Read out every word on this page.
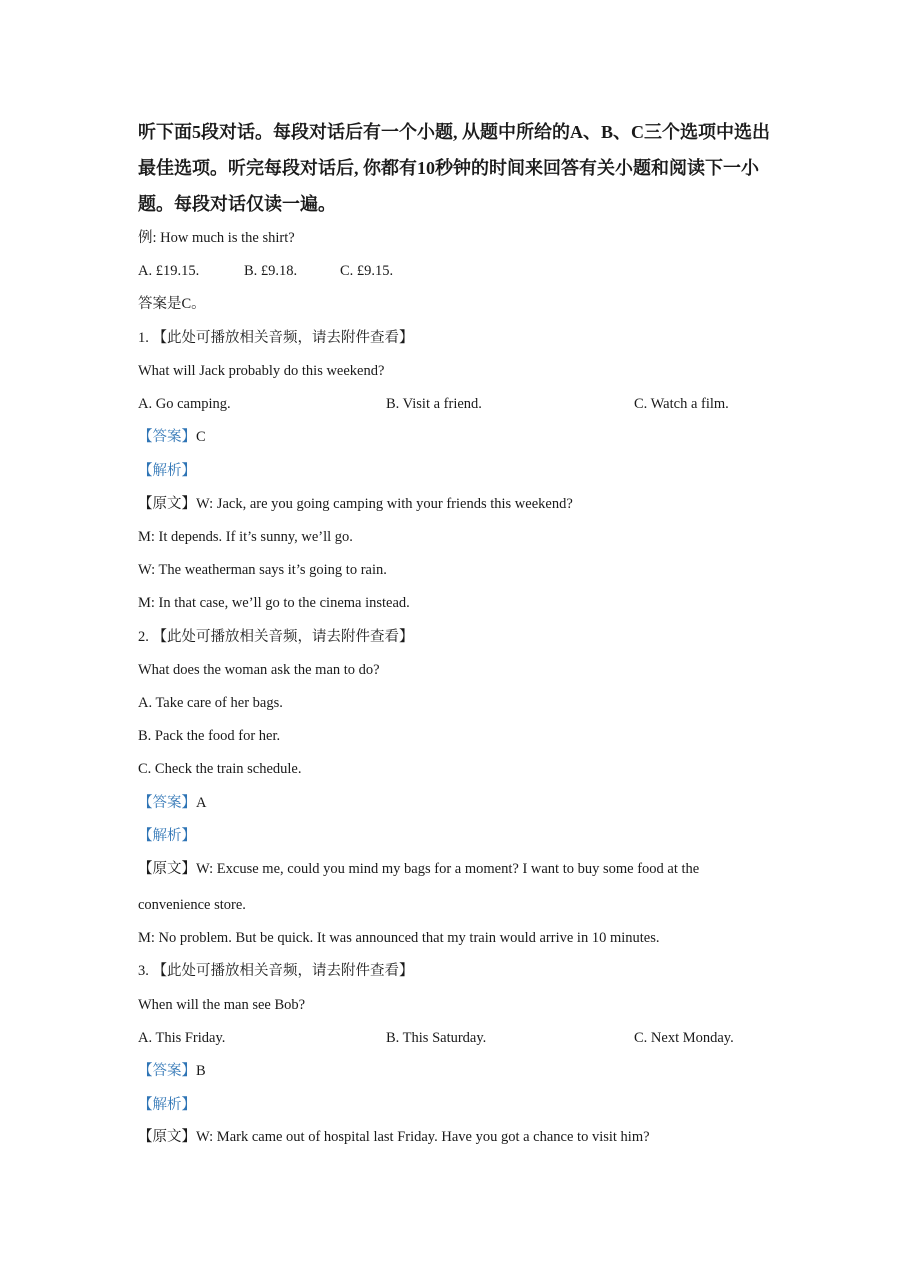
听下面5段对话。每段对话后有一个小题, 从题中所给的A、B、C三个选项中选出最佳选项。听完每段对话后, 你都有10秒钟的时间来回答有关小题和阅读下一小题。每段对话仅读一遍。
例: How much is the shirt?
A. £19.15.	B. £9.18.	C. £9.15.
答案是C。
1. 【此处可播放相关音频，请去附件查看】
What will Jack probably do this weekend?
A. Go camping.	B. Visit a friend.	C. Watch a film.
【答案】C
【解析】
【原文】W: Jack, are you going camping with your friends this weekend?
M: It depends. If it’s sunny, we’ll go.
W: The weatherman says it’s going to rain.
M: In that case, we’ll go to the cinema instead.
2. 【此处可播放相关音频，请去附件查看】
What does the woman ask the man to do?
A. Take care of her bags.
B. Pack the food for her.
C. Check the train schedule.
【答案】A
【解析】
【原文】W: Excuse me, could you mind my bags for a moment? I want to buy some food at the
convenience store.
M: No problem. But be quick. It was announced that my train would arrive in 10 minutes.
3. 【此处可播放相关音频，请去附件查看】
When will the man see Bob?
A. This Friday.	B. This Saturday.	C. Next Monday.
【答案】B
【解析】
【原文】W: Mark came out of hospital last Friday. Have you got a chance to visit him?
